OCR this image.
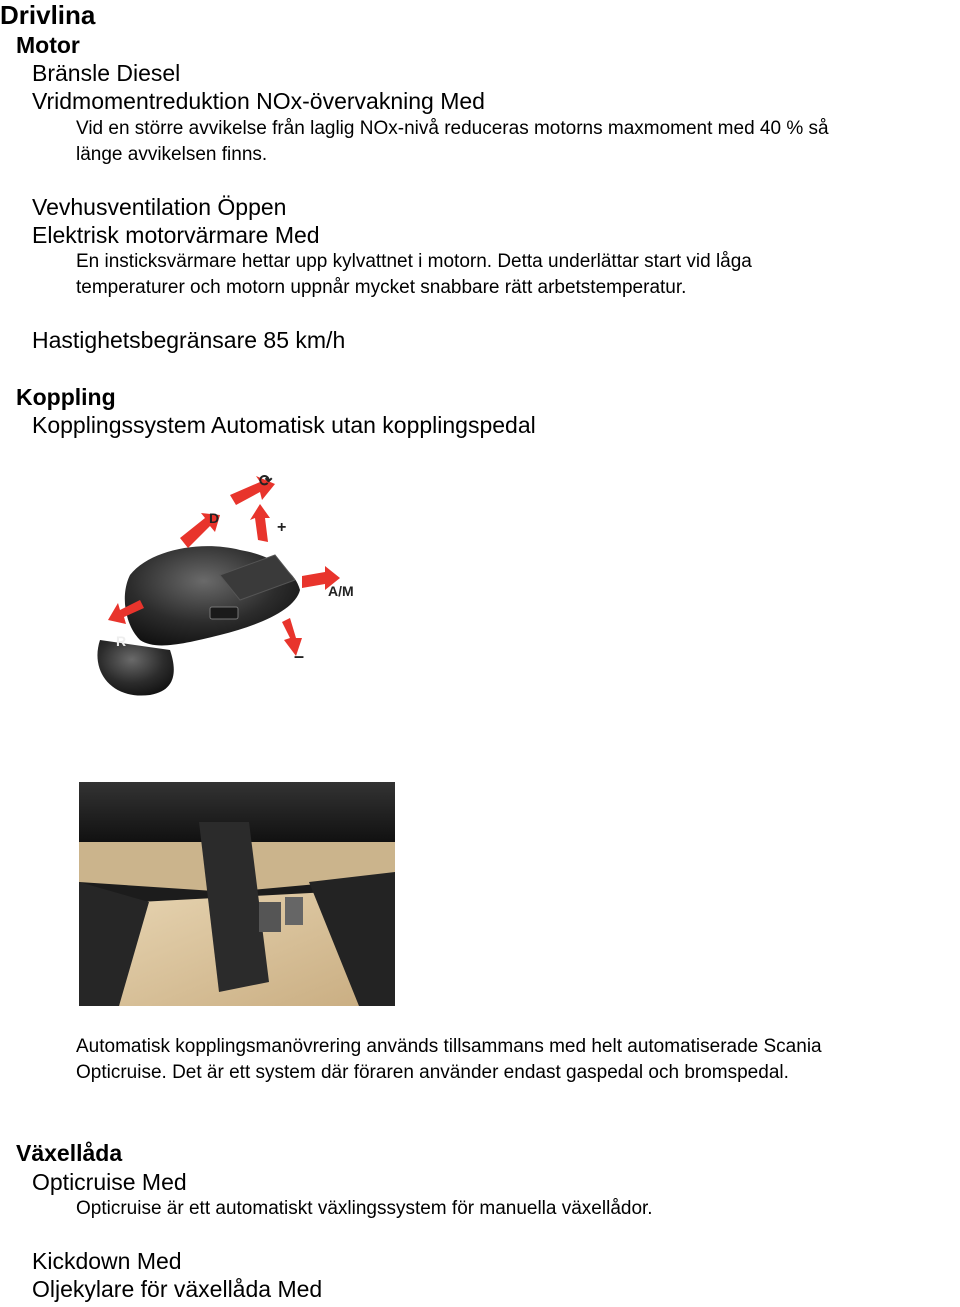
Drivlina
Motor
Bränsle Diesel
Vridmomentreduktion NOx-övervakning Med
Vid en större avvikelse från laglig NOx-nivå reduceras motorns maxmoment med 40 % så
länge avvikelsen finns.
Vevhusventilation Öppen
Elektrisk motorvärmare Med
En insticksvärmare hettar upp kylvattnet i motorn. Detta underlättar start vid låga
temperaturer och motorn uppnår mycket snabbare rätt arbetstemperatur.
Hastighetsbegränsare 85 km/h
Koppling
Kopplingssystem Automatisk utan kopplingspedal
D
+
⟳
A/M
R
–
Automatisk kopplingsmanövrering används tillsammans med helt automatiserade Scania
Opticruise. Det är ett system där föraren använder endast gaspedal och bromspedal.
Växellåda
Opticruise Med
Opticruise är ett automatiskt växlingssystem för manuella växellådor.
Kickdown Med
Oljekylare för växellåda Med
